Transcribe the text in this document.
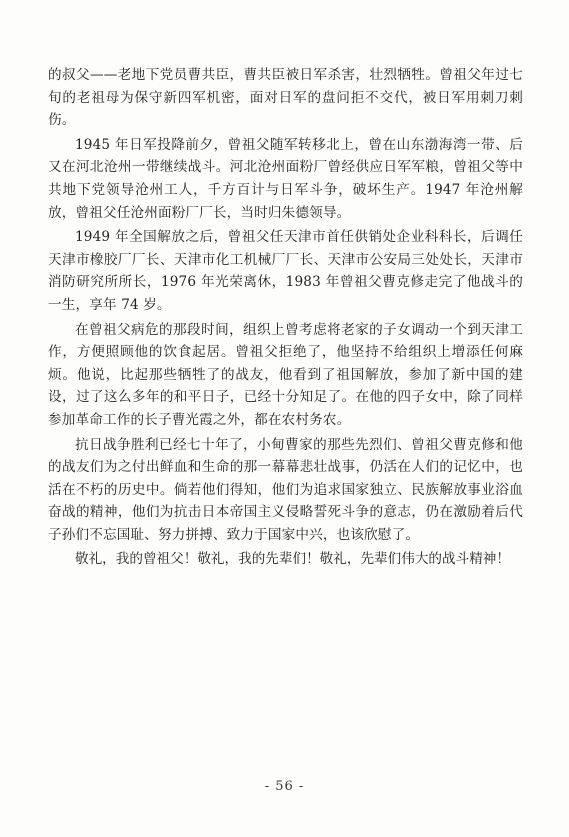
的叔父——老地下党员曹共臣，曹共臣被日军杀害，壮烈牺牲。曾祖父年过七旬的老祖母为保守新四军机密，面对日军的盘问拒不交代，被日军用刺刀刺伤。

1945 年日军投降前夕，曾祖父随军转移北上，曾在山东渤海湾一带、后又在河北沧州一带继续战斗。河北沧州面粉厂曾经供应日军军粮，曾祖父等中共地下党领导沧州工人，千方百计与日军斗争，破坏生产。1947 年沧州解放，曾祖父任沧州面粉厂厂长，当时归朱德领导。

1949 年全国解放之后，曾祖父任天津市首任供销处企业科科长，后调任天津市橡胶厂厂长、天津市化工机械厂厂长、天津市公安局三处处长，天津市消防研究所所长，1976 年光荣离休，1983 年曾祖父曹克修走完了他战斗的一生，享年 74 岁。

在曾祖父病危的那段时间，组织上曾考虑将老家的子女调动一个到天津工作，方便照顾他的饮食起居。曾祖父拒绝了，他坚持不给组织上增添任何麻烦。他说，比起那些牺牲了的战友，他看到了祖国解放，参加了新中国的建设，过了这么多年的和平日子，已经十分知足了。在他的四子女中，除了同样参加革命工作的长子曹光霞之外，都在农村务农。

抗日战争胜利已经七十年了，小甸曹家的那些先烈们、曾祖父曹克修和他的战友们为之付出鲜血和生命的那一幕幕悲壮战事，仍活在人们的记忆中，也活在不朽的历史中。倘若他们得知，他们为追求国家独立、民族解放事业浴血奋战的精神，他们为抗击日本帝国主义侵略誓死斗争的意志，仍在激励着后代子孙们不忘国耻、努力拼搏、致力于国家中兴，也该欣慰了。

敬礼，我的曾祖父！敬礼，我的先辈们！敬礼，先辈们伟大的战斗精神！

- 56 -
